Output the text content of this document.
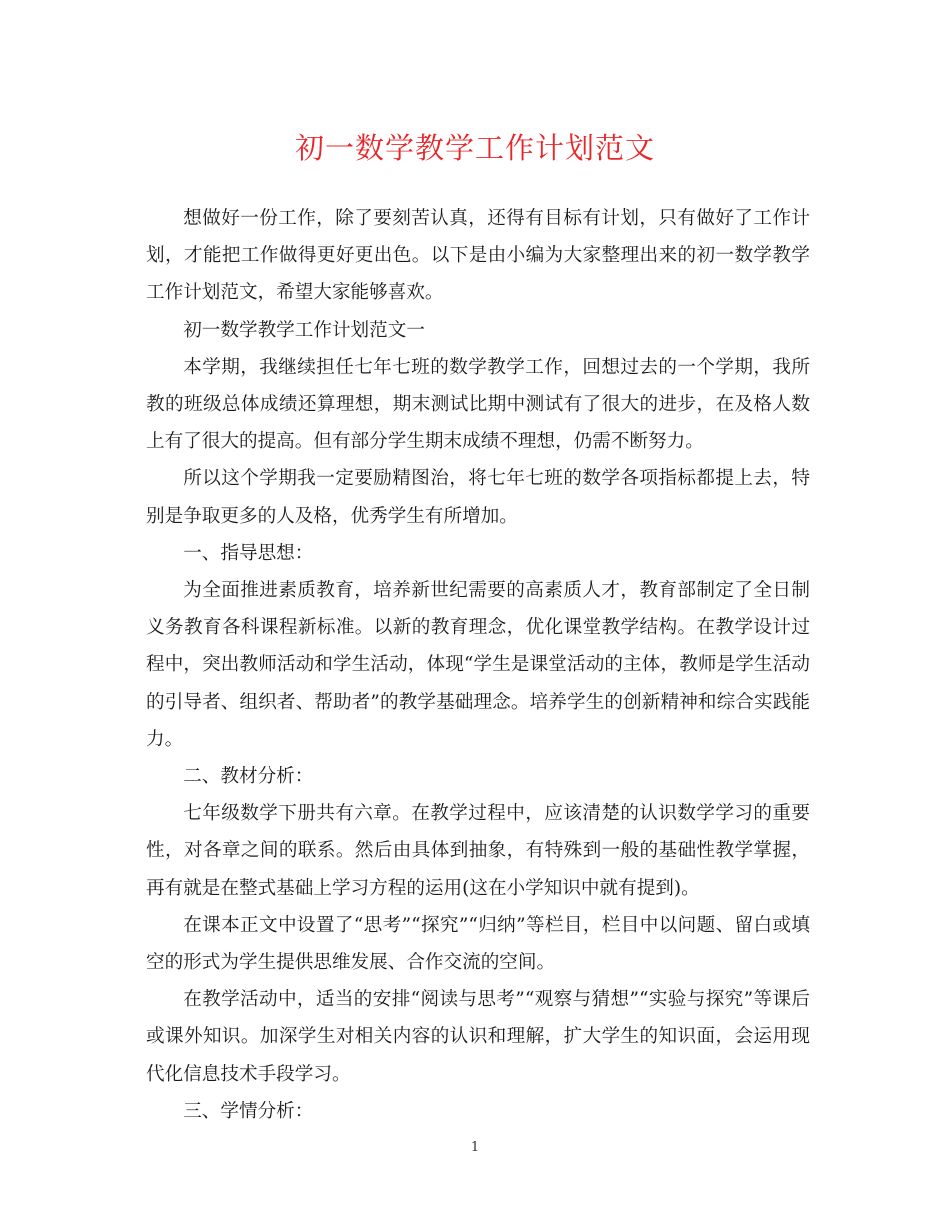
初一数学教学工作计划范文

想做好一份工作，除了要刻苦认真，还得有目标有计划，只有做好了工作计划，才能把工作做得更好更出色。以下是由小编为大家整理出来的初一数学教学工作计划范文，希望大家能够喜欢。

初一数学教学工作计划范文一

本学期，我继续担任七年七班的数学教学工作，回想过去的一个学期，我所教的班级总体成绩还算理想，期末测试比期中测试有了很大的进步，在及格人数上有了很大的提高。但有部分学生期末成绩不理想，仍需不断努力。

所以这个学期我一定要励精图治，将七年七班的数学各项指标都提上去，特别是争取更多的人及格，优秀学生有所增加。

一、指导思想：

为全面推进素质教育，培养新世纪需要的高素质人才，教育部制定了全日制义务教育各科课程新标准。以新的教育理念，优化课堂教学结构。在教学设计过程中，突出教师活动和学生活动，体现“学生是课堂活动的主体，教师是学生活动的引导者、组织者、帮助者”的教学基础理念。培养学生的创新精神和综合实践能力。

二、教材分析：

七年级数学下册共有六章。在教学过程中，应该清楚的认识数学学习的重要性，对各章之间的联系。然后由具体到抽象，有特殊到一般的基础性教学掌握，再有就是在整式基础上学习方程的运用(这在小学知识中就有提到)。

在课本正文中设置了“思考”“探究”“归纳”等栏目，栏目中以问题、留白或填空的形式为学生提供思维发展、合作交流的空间。

在教学活动中，适当的安排“阅读与思考”“观察与猜想”“实验与探究”等课后或课外知识。加深学生对相关内容的认识和理解，扩大学生的知识面，会运用现代化信息技术手段学习。

三、学情分析：

1
